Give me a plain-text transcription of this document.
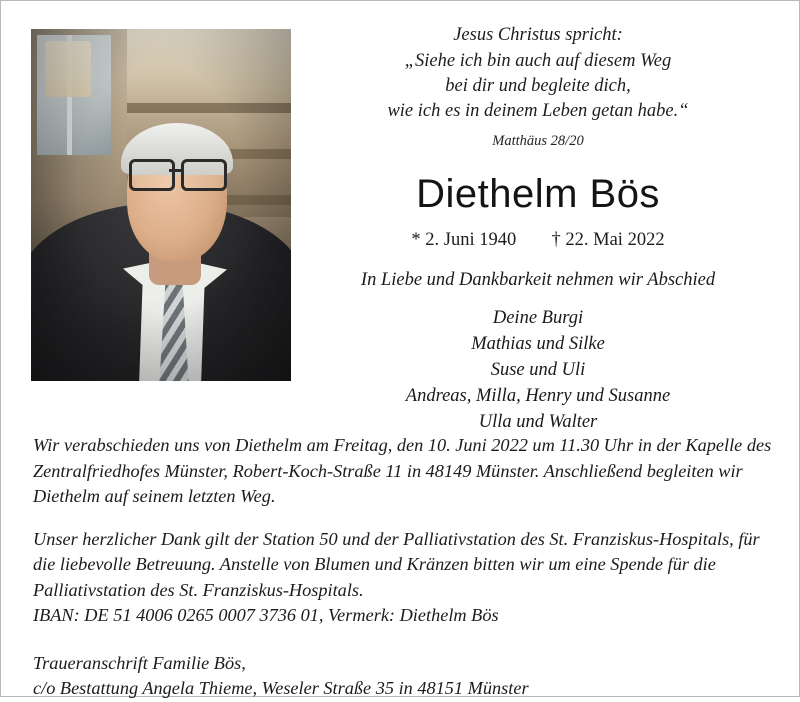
Jesus Christus spricht:
„Siehe ich bin auch auf diesem Weg
bei dir und begleite dich,
wie ich es in deinem Leben getan habe.“
Matthäus 28/20
Diethelm Bös
* 2. Juni 1940 † 22. Mai 2022
In Liebe und Dankbarkeit nehmen wir Abschied
Deine Burgi
Mathias und Silke
Suse und Uli
Andreas, Milla, Henry und Susanne
Ulla und Walter
Wir verabschieden uns von Diethelm am Freitag, den 10. Juni 2022 um 11.30 Uhr in der Kapelle des Zentralfriedhofes Münster, Robert-Koch-Straße 11 in 48149 Münster. Anschließend begleiten wir Diethelm auf seinem letzten Weg.
Unser herzlicher Dank gilt der Station 50 und der Palliativstation des St. Franziskus-Hospitals, für die liebevolle Betreuung. Anstelle von Blumen und Kränzen bitten wir um eine Spende für die Palliativstation des St. Franziskus-Hospitals.
IBAN: DE 51 4006 0265 0007 3736 01, Vermerk: Diethelm Bös
Traueranschrift Familie Bös,
c/o Bestattung Angela Thieme, Weseler Straße 35 in 48151 Münster
